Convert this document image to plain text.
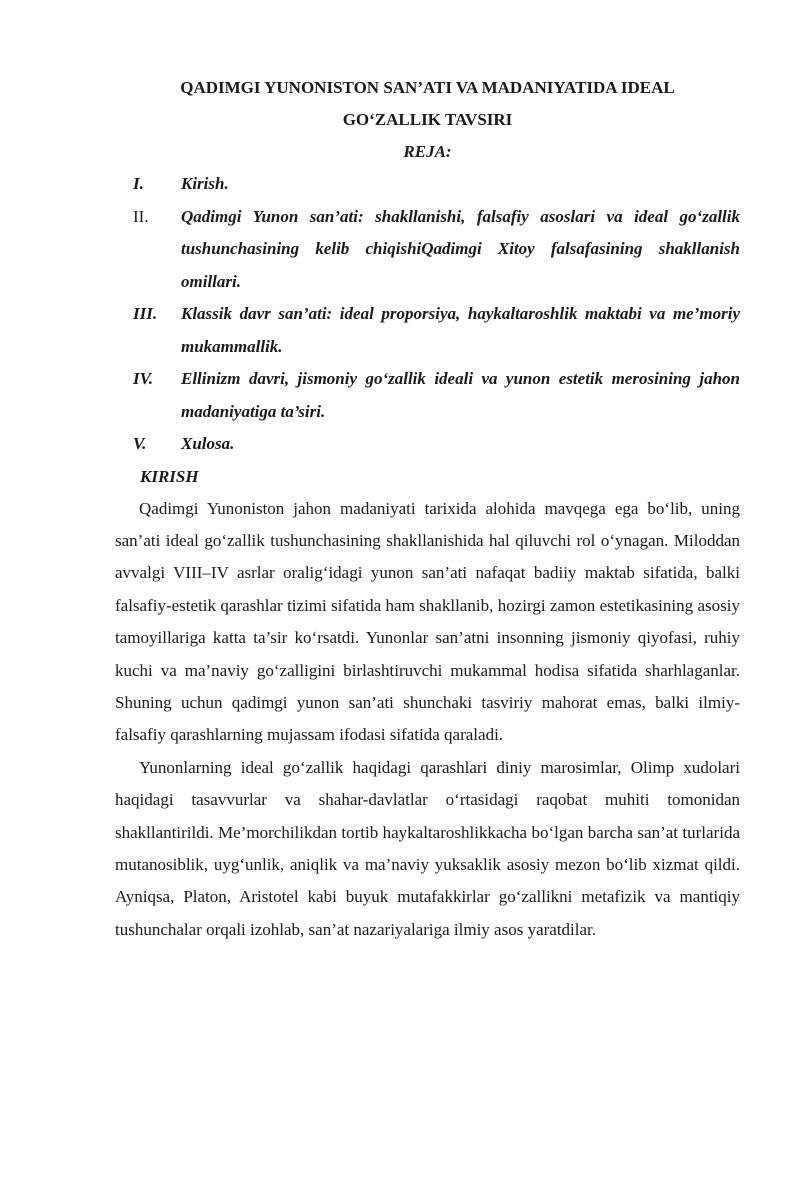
QADIMGI YUNONISTON SAN’ATI VA MADANIYATIDA IDEAL
GO‘ZALLIK TAVSIRI
REJA:
I.	Kirish.
II.	Qadimgi Yunon san’ati: shakllanishi, falsafiy asoslari va ideal go‘zallik tushunchasining kelib chiqishiQadimgi Xitoy falsafasining shakllanish omillari.
III.	Klassik davr san’ati: ideal proporsiya, haykaltaroshlik maktabi va me’moriy mukammallik.
IV.	Ellinizm davri, jismoniy go‘zallik ideali va yunon estetik merosining jahon madaniyatiga ta’siri.
V.	Xulosa.
KIRISH

Qadimgi Yunoniston jahon madaniyati tarixida alohida mavqega ega bo‘lib, uning san’ati ideal go‘zallik tushunchasining shakllanishida hal qiluvchi rol o‘ynagan. Miloddan avvalgi VIII–IV asrlar oralig‘idagi yunon san’ati nafaqat badiiy maktab sifatida, balki falsafiy-estetik qarashlar tizimi sifatida ham shakllanib, hozirgi zamon estetikasining asosiy tamoyillariga katta ta’sir ko‘rsatdi. Yunonlar san’atni insonning jismoniy qiyofasi, ruhiy kuchi va ma’naviy go‘zalligini birlashtiruvchi mukammal hodisa sifatida sharhlaganlar. Shuning uchun qadimgi yunon san’ati shunchaki tasviriy mahorat emas, balki ilmiy-falsafiy qarashlarning mujassam ifodasi sifatida qaraladi.

Yunonlarning ideal go‘zallik haqidagi qarashlari diniy marosimlar, Olimp xudolari haqidagi tasavvurlar va shahar-davlatlar o‘rtasidagi raqobat muhiti tomonidan shakllantirildi. Me’morchilikdan tortib haykaltaroshlikkacha bo‘lgan barcha san’at turlarida mutanosiblik, uyg‘unlik, aniqlik va ma’naviy yuksaklik asosiy mezon bo‘lib xizmat qildi. Ayniqsa, Platon, Aristotel kabi buyuk mutafakkirlar go‘zallikni metafizik va mantiqiy tushunchalar orqali izohlab, san’at nazariyalariga ilmiy asos yaratdilar.
